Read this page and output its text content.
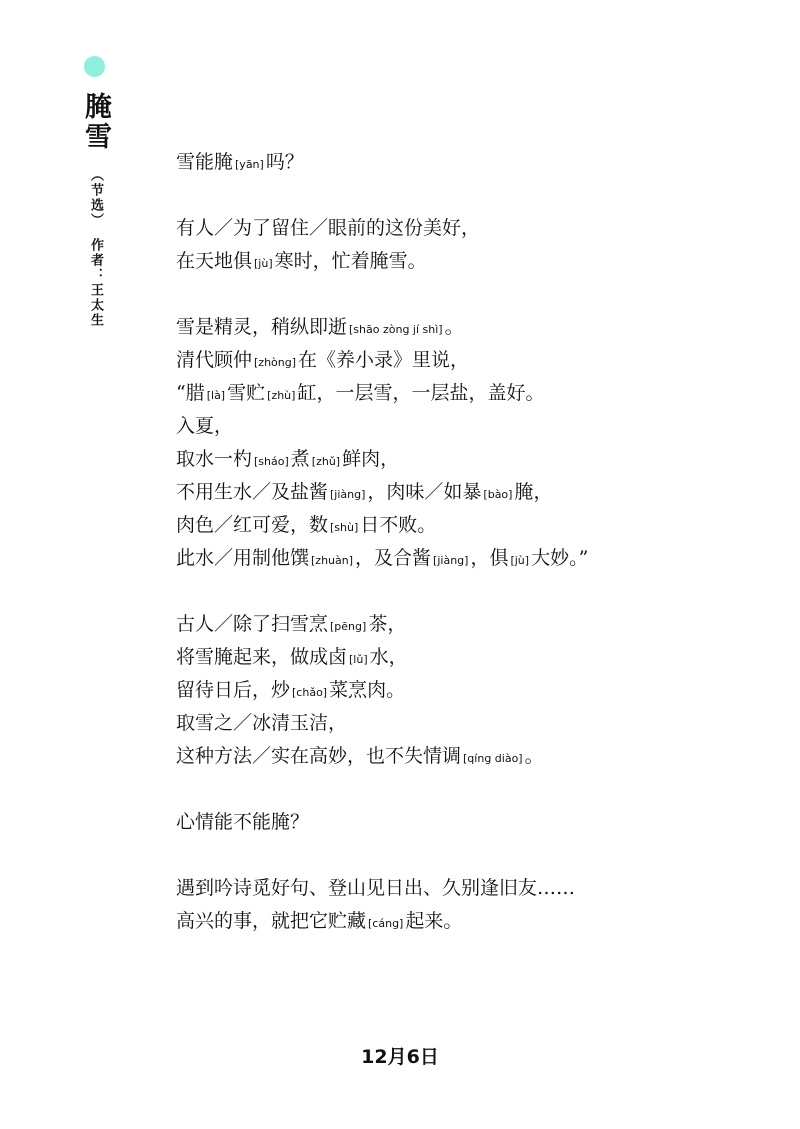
腌雪
（节选）作者：王太生
雪能腌 [yān] 吗？
有人／为了留住／眼前的这份美好，
在天地俱 [jù] 寒时，忙着腌雪。
雪是精灵，稍纵即逝 [shāo zòng jí shì] 。
清代顾仲 [zhòng] 在《养小录》里说，
“腊 [là] 雪贮 [zhù] 缸，一层雪，一层盐，盖好。
入夏，
取水一杓 [sháo] 煮 [zhǔ] 鲜肉，
不用生水／及盐酱 [jiàng] ，肉味／如暴 [bào] 腌，
肉色／红可爱，数 [shù] 日不败。
此水／用制他馔 [zhuàn] ，及合酱 [jiàng] ，俱 [jù] 大妙。”
古人／除了扫雪烹 [pēng] 茶，
将雪腌起来，做成卤 [lǔ] 水，
留待日后，炒 [chǎo] 菜烹肉。
取雪之／冰清玉洁，
这种方法／实在高妙，也不失情调 [qíng diào] 。
心情能不能腌？
遇到吟诗觅好句、登山见日出、久别逢旧友……
高兴的事，就把它贮藏 [cáng] 起来。
12月6日
